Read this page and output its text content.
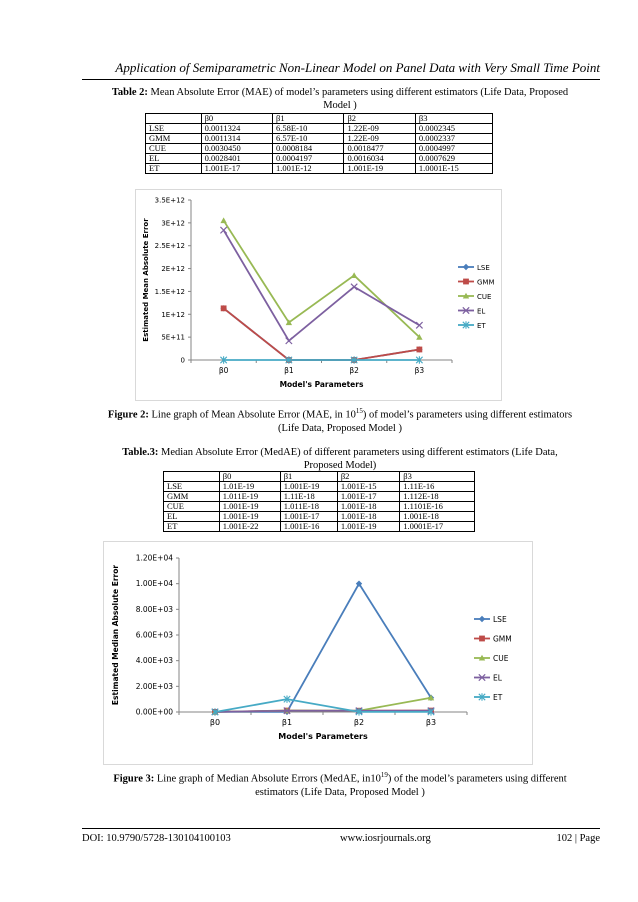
Application of Semiparametric Non-Linear Model on Panel Data with Very Small Time Point
Table 2: Mean Absolute Error (MAE) of model’s parameters using different estimators (Life Data, Proposed
Model )
	β0	β1	β2	β3
LSE	0.0011324	6.58E-10	1.22E-09	0.0002345
GMM	0.0011314	6.57E-10	1.22E-09	0.0002337
CUE	0.0030450	0.0008184	0.0018477	0.0004997
EL	0.0028401	0.0004197	0.0016034	0.0007629
ET	1.001E-17	1.001E-12	1.001E-19	1.0001E-15
0
5E+11
1E+12
1.5E+12
2E+12
2.5E+12
3E+12
3.5E+12
β0	β1	β2	β3
Model's Parameters
Estimated Mean Absolute Error	LSE
GMM
CUE
EL
ET
Figure 2: Line graph of Mean Absolute Error (MAE, in $10^{15}$) of model’s parameters using different estimators
(Life Data, Proposed Model )
Table.3: Median Absolute Error (MedAE) of different parameters using different estimators (Life Data,
Proposed Model)
	β0	β1	β2	β3
LSE	1.01E-19	1.001E-19	1.001E-15	1.11E-16
GMM	1.011E-19	1.11E-18	1.001E-17	1.112E-18
CUE	1.001E-19	1.011E-18	1.001E-18	1.1101E-16
EL	1.001E-19	1.001E-17	1.001E-18	1.001E-18
ET	1.001E-22	1.001E-16	1.001E-19	1.0001E-17
0.00E+00
2.00E+03
4.00E+03
6.00E+03
8.00E+03
1.00E+04
1.20E+04
β0	β1	β2	β3
Model's Parameters
Estimated Median Absolute Error	LSE
GMM
CUE
EL
ET
Figure 3: Line graph of Median Absolute Errors (MedAE, $in10^{19}$) of the model’s parameters using different
estimators (Life Data, Proposed Model )
DOI: 10.9790/5728-130104100103	www.iosrjournals.org	102 | Page
